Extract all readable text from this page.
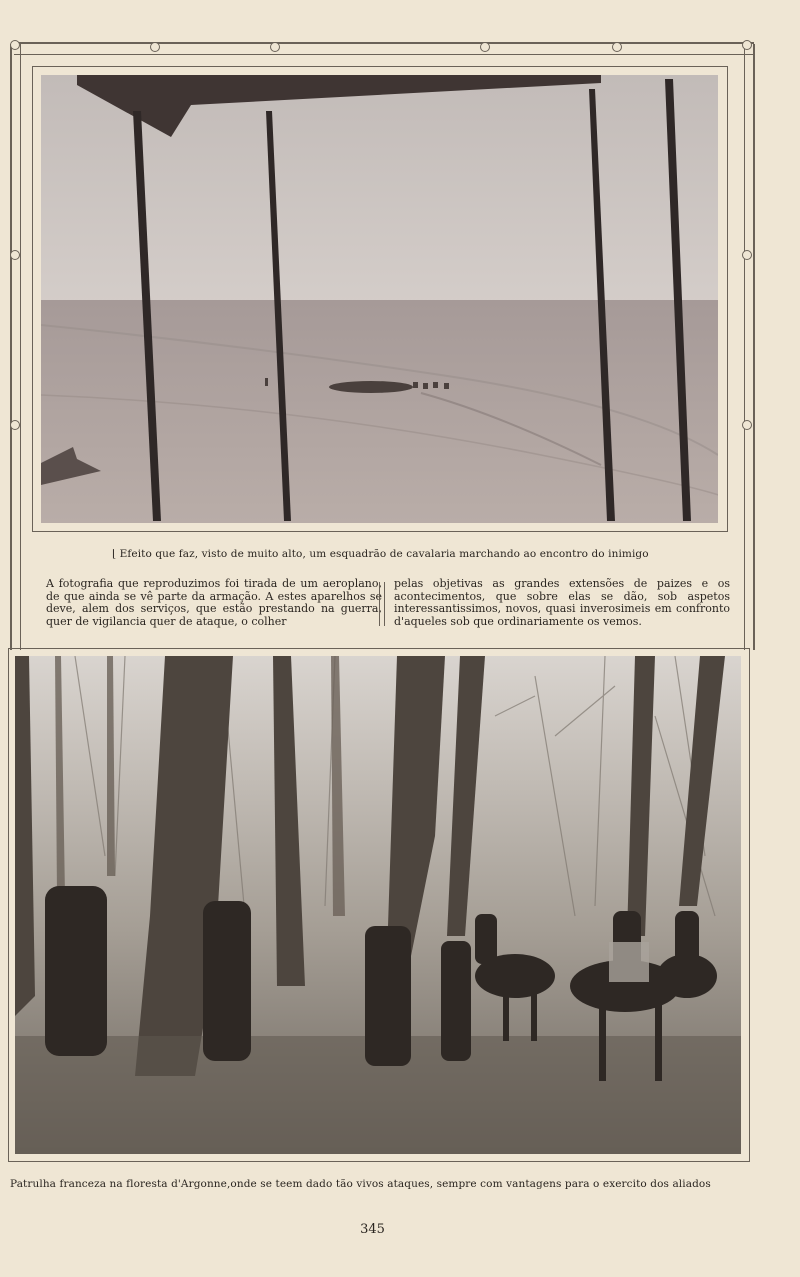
⌊ Efeito que faz, visto de muito alto, um esquadrão de cavalaria marchando ao encontro do inimigo
A fotografia que reproduzimos foi tirada de um aeroplano, de que ainda se vê parte da armação. A estes aparelhos se deve, alem dos serviços, que estão prestando na guerra, quer de vigilancia quer de ataque, o colher
pelas objetivas as grandes extensões de paizes e os acontecimentos, que sobre elas se dão, sob aspetos interessantissimos, novos, quasi inverosimeis em confronto d'aqueles sob que ordinariamente os vemos.
Patrulha franceza na floresta d'Argonne,onde se teem dado tão vivos ataques, sempre com vantagens para o exercito dos aliados
345
